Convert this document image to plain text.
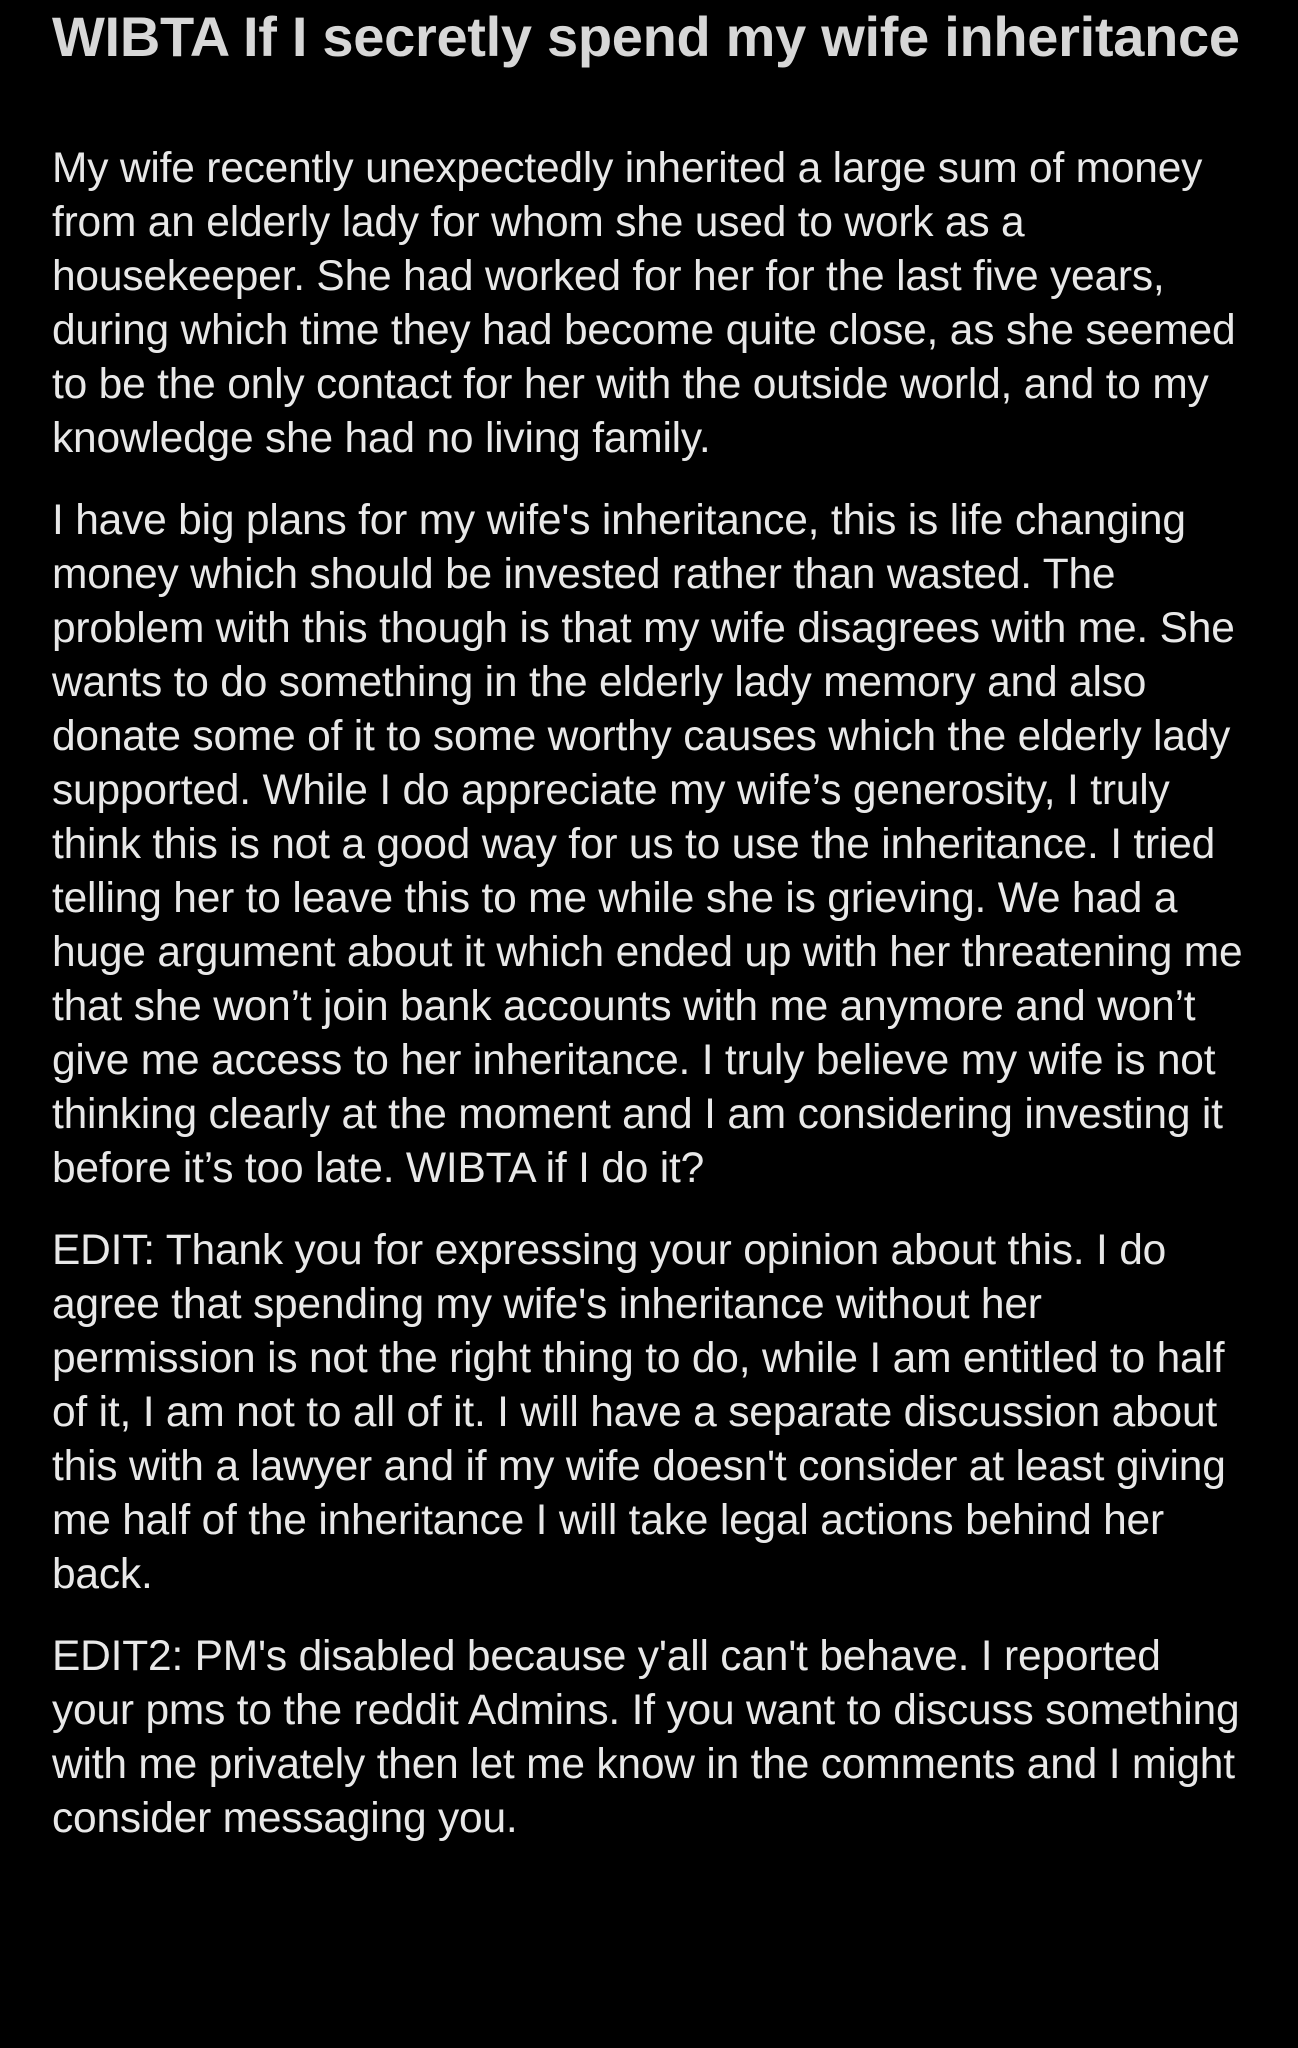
WIBTA If I secretly spend my wife inheritance

My wife recently unexpectedly inherited a large sum of money from an elderly lady for whom she used to work as a housekeeper. She had worked for her for the last five years, during which time they had become quite close, as she seemed to be the only contact for her with the outside world, and to my knowledge she had no living family.

I have big plans for my wife's inheritance, this is life changing money which should be invested rather than wasted. The problem with this though is that my wife disagrees with me. She wants to do something in the elderly lady memory and also donate some of it to some worthy causes which the elderly lady supported. While I do appreciate my wife’s generosity, I truly think this is not a good way for us to use the inheritance. I tried telling her to leave this to me while she is grieving. We had a huge argument about it which ended up with her threatening me that she won’t join bank accounts with me anymore and won’t give me access to her inheritance. I truly believe my wife is not thinking clearly at the moment and I am considering investing it before it’s too late. WIBTA if I do it?

EDIT: Thank you for expressing your opinion about this. I do agree that spending my wife's inheritance without her permission is not the right thing to do, while I am entitled to half of it, I am not to all of it. I will have a separate discussion about this with a lawyer and if my wife doesn't consider at least giving me half of the inheritance I will take legal actions behind her back.

EDIT2: PM's disabled because y'all can't behave. I reported your pms to the reddit Admins. If you want to discuss something with me privately then let me know in the comments and I might consider messaging you.
